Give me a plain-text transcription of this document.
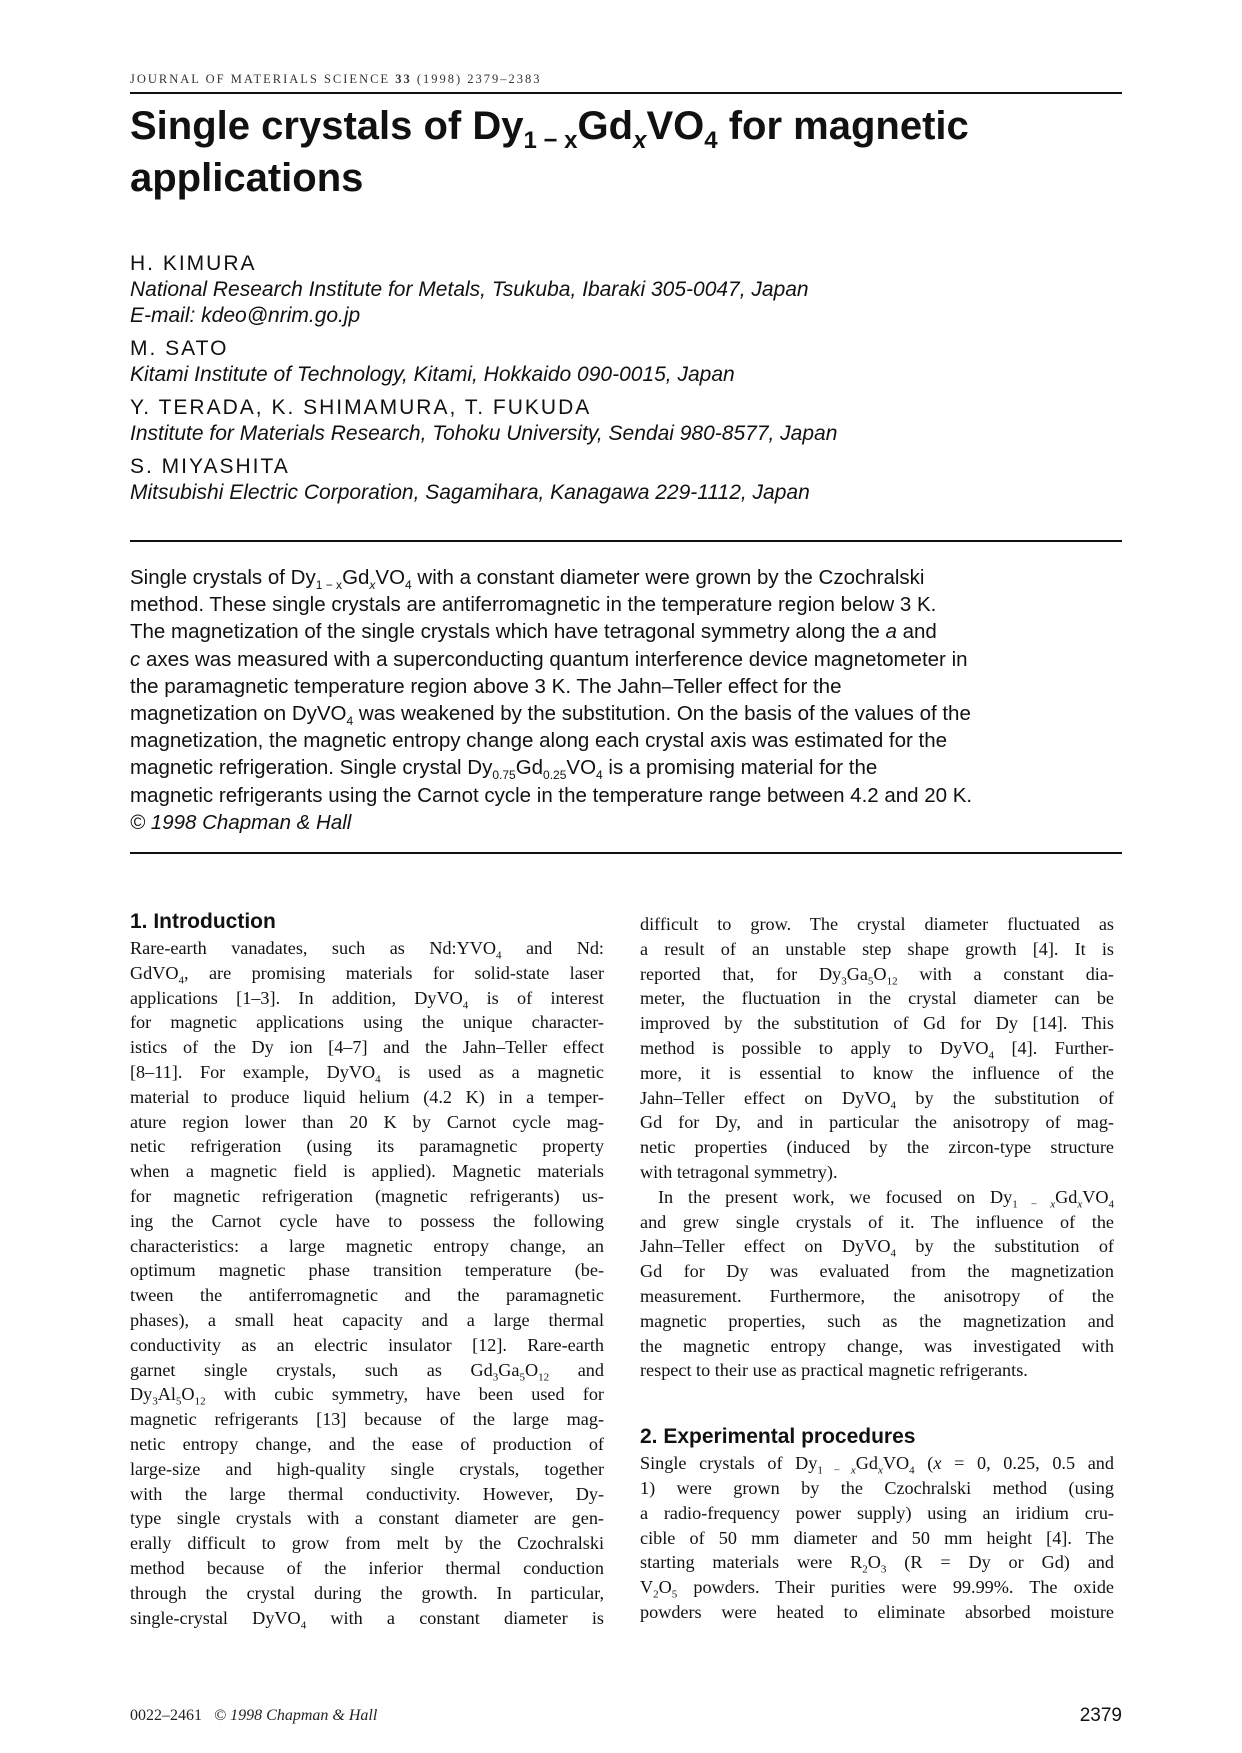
JOURNAL OF MATERIALS SCIENCE 33 (1998) 2379–2383
Single crystals of $Dy_{1 - x}Gd_xVO_4$ for magnetic
applications
H. KIMURA
National Research Institute for Metals, Tsukuba, Ibaraki 305-0047, Japan
E-mail: kdeo@nrim.go.jp
M. SATO
Kitami Institute of Technology, Kitami, Hokkaido 090-0015, Japan
Y. TERADA, K. SHIMAMURA, T. FUKUDA
Institute for Materials Research, Tohoku University, Sendai 980-8577, Japan
S. MIYASHITA
Mitsubishi Electric Corporation, Sagamihara, Kanagawa 229-1112, Japan
Single crystals of $Dy_{1 - x}Gd_xVO_4$ with a constant diameter were grown by the Czochralski
method. These single crystals are antiferromagnetic in the temperature region below 3 K.
The magnetization of the single crystals which have tetragonal symmetry along the a and
c axes was measured with a superconducting quantum interference device magnetometer in
the paramagnetic temperature region above 3 K. The Jahn–Teller effect for the
magnetization on DyVO$_4$ was weakened by the substitution. On the basis of the values of the
magnetization, the magnetic entropy change along each crystal axis was estimated for the
magnetic refrigeration. Single crystal $Dy_{0.75}Gd_{0.25}VO_4$ is a promising material for the
magnetic refrigerants using the Carnot cycle in the temperature range between 4.2 and 20 K.
© 1998 Chapman & Hall
1. Introduction
Rare-earth vanadates, such as $Nd:YVO_4$ and Nd:
GdVO$_4$, are promising materials for solid-state laser
applications [1–3]. In addition, DyVO$_4$ is of interest
for magnetic applications using the unique character-
istics of the Dy ion [4–7] and the Jahn–Teller effect
[8–11]. For example, DyVO$_4$ is used as a magnetic
material to produce liquid helium (4.2 K) in a temper-
ature region lower than 20 K by Carnot cycle mag-
netic refrigeration (using its paramagnetic property
when a magnetic field is applied). Magnetic materials
for magnetic refrigeration (magnetic refrigerants) us-
ing the Carnot cycle have to possess the following
characteristics: a large magnetic entropy change, an
optimum magnetic phase transition temperature (be-
tween the antiferromagnetic and the paramagnetic
phases), a small heat capacity and a large thermal
conductivity as an electric insulator [12]. Rare-earth
garnet single crystals, such as $Gd_3Ga_5O_{12}$ and
$Dy_3Al_5O_{12}$ with cubic symmetry, have been used for
magnetic refrigerants [13] because of the large mag-
netic entropy change, and the ease of production of
large-size and high-quality single crystals, together
with the large thermal conductivity. However, Dy-
type single crystals with a constant diameter are gen-
erally difficult to grow from melt by the Czochralski
method because of the inferior thermal conduction
through the crystal during the growth. In particular,
single-crystal DyVO$_4$ with a constant diameter is
difficult to grow. The crystal diameter fluctuated as
a result of an unstable step shape growth [4]. It is
reported that, for $Dy_3Ga_5O_{12}$ with a constant dia-
meter, the fluctuation in the crystal diameter can be
improved by the substitution of Gd for Dy [14]. This
method is possible to apply to DyVO$_4$ [4]. Further-
more, it is essential to know the influence of the
Jahn–Teller effect on DyVO$_4$ by the substitution of
Gd for Dy, and in particular the anisotropy of mag-
netic properties (induced by the zircon-type structure
with tetragonal symmetry).
In the present work, we focused on $Dy_{1 - x}Gd_xVO_4$
and grew single crystals of it. The influence of the
Jahn–Teller effect on DyVO$_4$ by the substitution of
Gd for Dy was evaluated from the magnetization
measurement. Furthermore, the anisotropy of the
magnetic properties, such as the magnetization and
the magnetic entropy change, was investigated with
respect to their use as practical magnetic refrigerants.
2. Experimental procedures
Single crystals of $Dy_{1 - x}Gd_xVO_4$ (x = 0, 0.25, 0.5 and
1) were grown by the Czochralski method (using
a radio-frequency power supply) using an iridium cru-
cible of 50 mm diameter and 50 mm height [4]. The
starting materials were $R_2O_3$ (R = Dy or Gd) and
$V_2O_5$ powders. Their purities were 99.99%. The oxide
powders were heated to eliminate absorbed moisture
0022–2461 © 1998 Chapman & Hall	2379
